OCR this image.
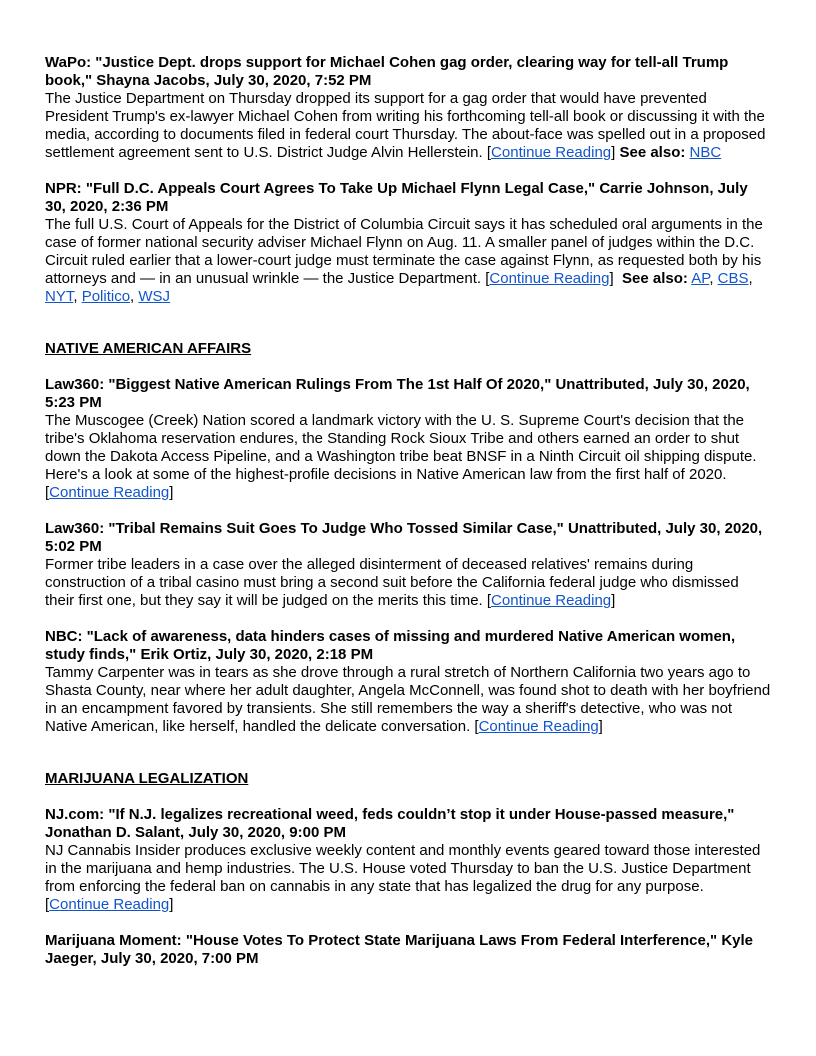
WaPo: "Justice Dept. drops support for Michael Cohen gag order, clearing way for tell-all Trump book," Shayna Jacobs, July 30, 2020, 7:52 PM

The Justice Department on Thursday dropped its support for a gag order that would have prevented President Trump's ex-lawyer Michael Cohen from writing his forthcoming tell-all book or discussing it with the media, according to documents filed in federal court Thursday. The about-face was spelled out in a proposed settlement agreement sent to U.S. District Judge Alvin Hellerstein. [Continue Reading] See also: NBC

NPR: "Full D.C. Appeals Court Agrees To Take Up Michael Flynn Legal Case," Carrie Johnson, July 30, 2020, 2:36 PM

The full U.S. Court of Appeals for the District of Columbia Circuit says it has scheduled oral arguments in the case of former national security adviser Michael Flynn on Aug. 11. A smaller panel of judges within the D.C. Circuit ruled earlier that a lower-court judge must terminate the case against Flynn, as requested both by his attorneys and — in an unusual wrinkle — the Justice Department. [Continue Reading]  See also: AP, CBS, NYT, Politico, WSJ

NATIVE AMERICAN AFFAIRS

Law360: "Biggest Native American Rulings From The 1st Half Of 2020," Unattributed, July 30, 2020, 5:23 PM

The Muscogee (Creek) Nation scored a landmark victory with the U. S. Supreme Court's decision that the tribe's Oklahoma reservation endures, the Standing Rock Sioux Tribe and others earned an order to shut down the Dakota Access Pipeline, and a Washington tribe beat BNSF in a Ninth Circuit oil shipping dispute. Here's a look at some of the highest-profile decisions in Native American law from the first half of 2020. [Continue Reading]

Law360: "Tribal Remains Suit Goes To Judge Who Tossed Similar Case," Unattributed, July 30, 2020, 5:02 PM

Former tribe leaders in a case over the alleged disinterment of deceased relatives' remains during construction of a tribal casino must bring a second suit before the California federal judge who dismissed their first one, but they say it will be judged on the merits this time. [Continue Reading]

NBC: "Lack of awareness, data hinders cases of missing and murdered Native American women, study finds," Erik Ortiz, July 30, 2020, 2:18 PM

Tammy Carpenter was in tears as she drove through a rural stretch of Northern California two years ago to Shasta County, near where her adult daughter, Angela McConnell, was found shot to death with her boyfriend in an encampment favored by transients. She still remembers the way a sheriff's detective, who was not Native American, like herself, handled the delicate conversation. [Continue Reading]

MARIJUANA LEGALIZATION

NJ.com: "If N.J. legalizes recreational weed, feds couldn’t stop it under House-passed measure," Jonathan D. Salant, July 30, 2020, 9:00 PM

NJ Cannabis Insider produces exclusive weekly content and monthly events geared toward those interested in the marijuana and hemp industries. The U.S. House voted Thursday to ban the U.S. Justice Department from enforcing the federal ban on cannabis in any state that has legalized the drug for any purpose. [Continue Reading]

Marijuana Moment: "House Votes To Protect State Marijuana Laws From Federal Interference," Kyle Jaeger, July 30, 2020, 7:00 PM
